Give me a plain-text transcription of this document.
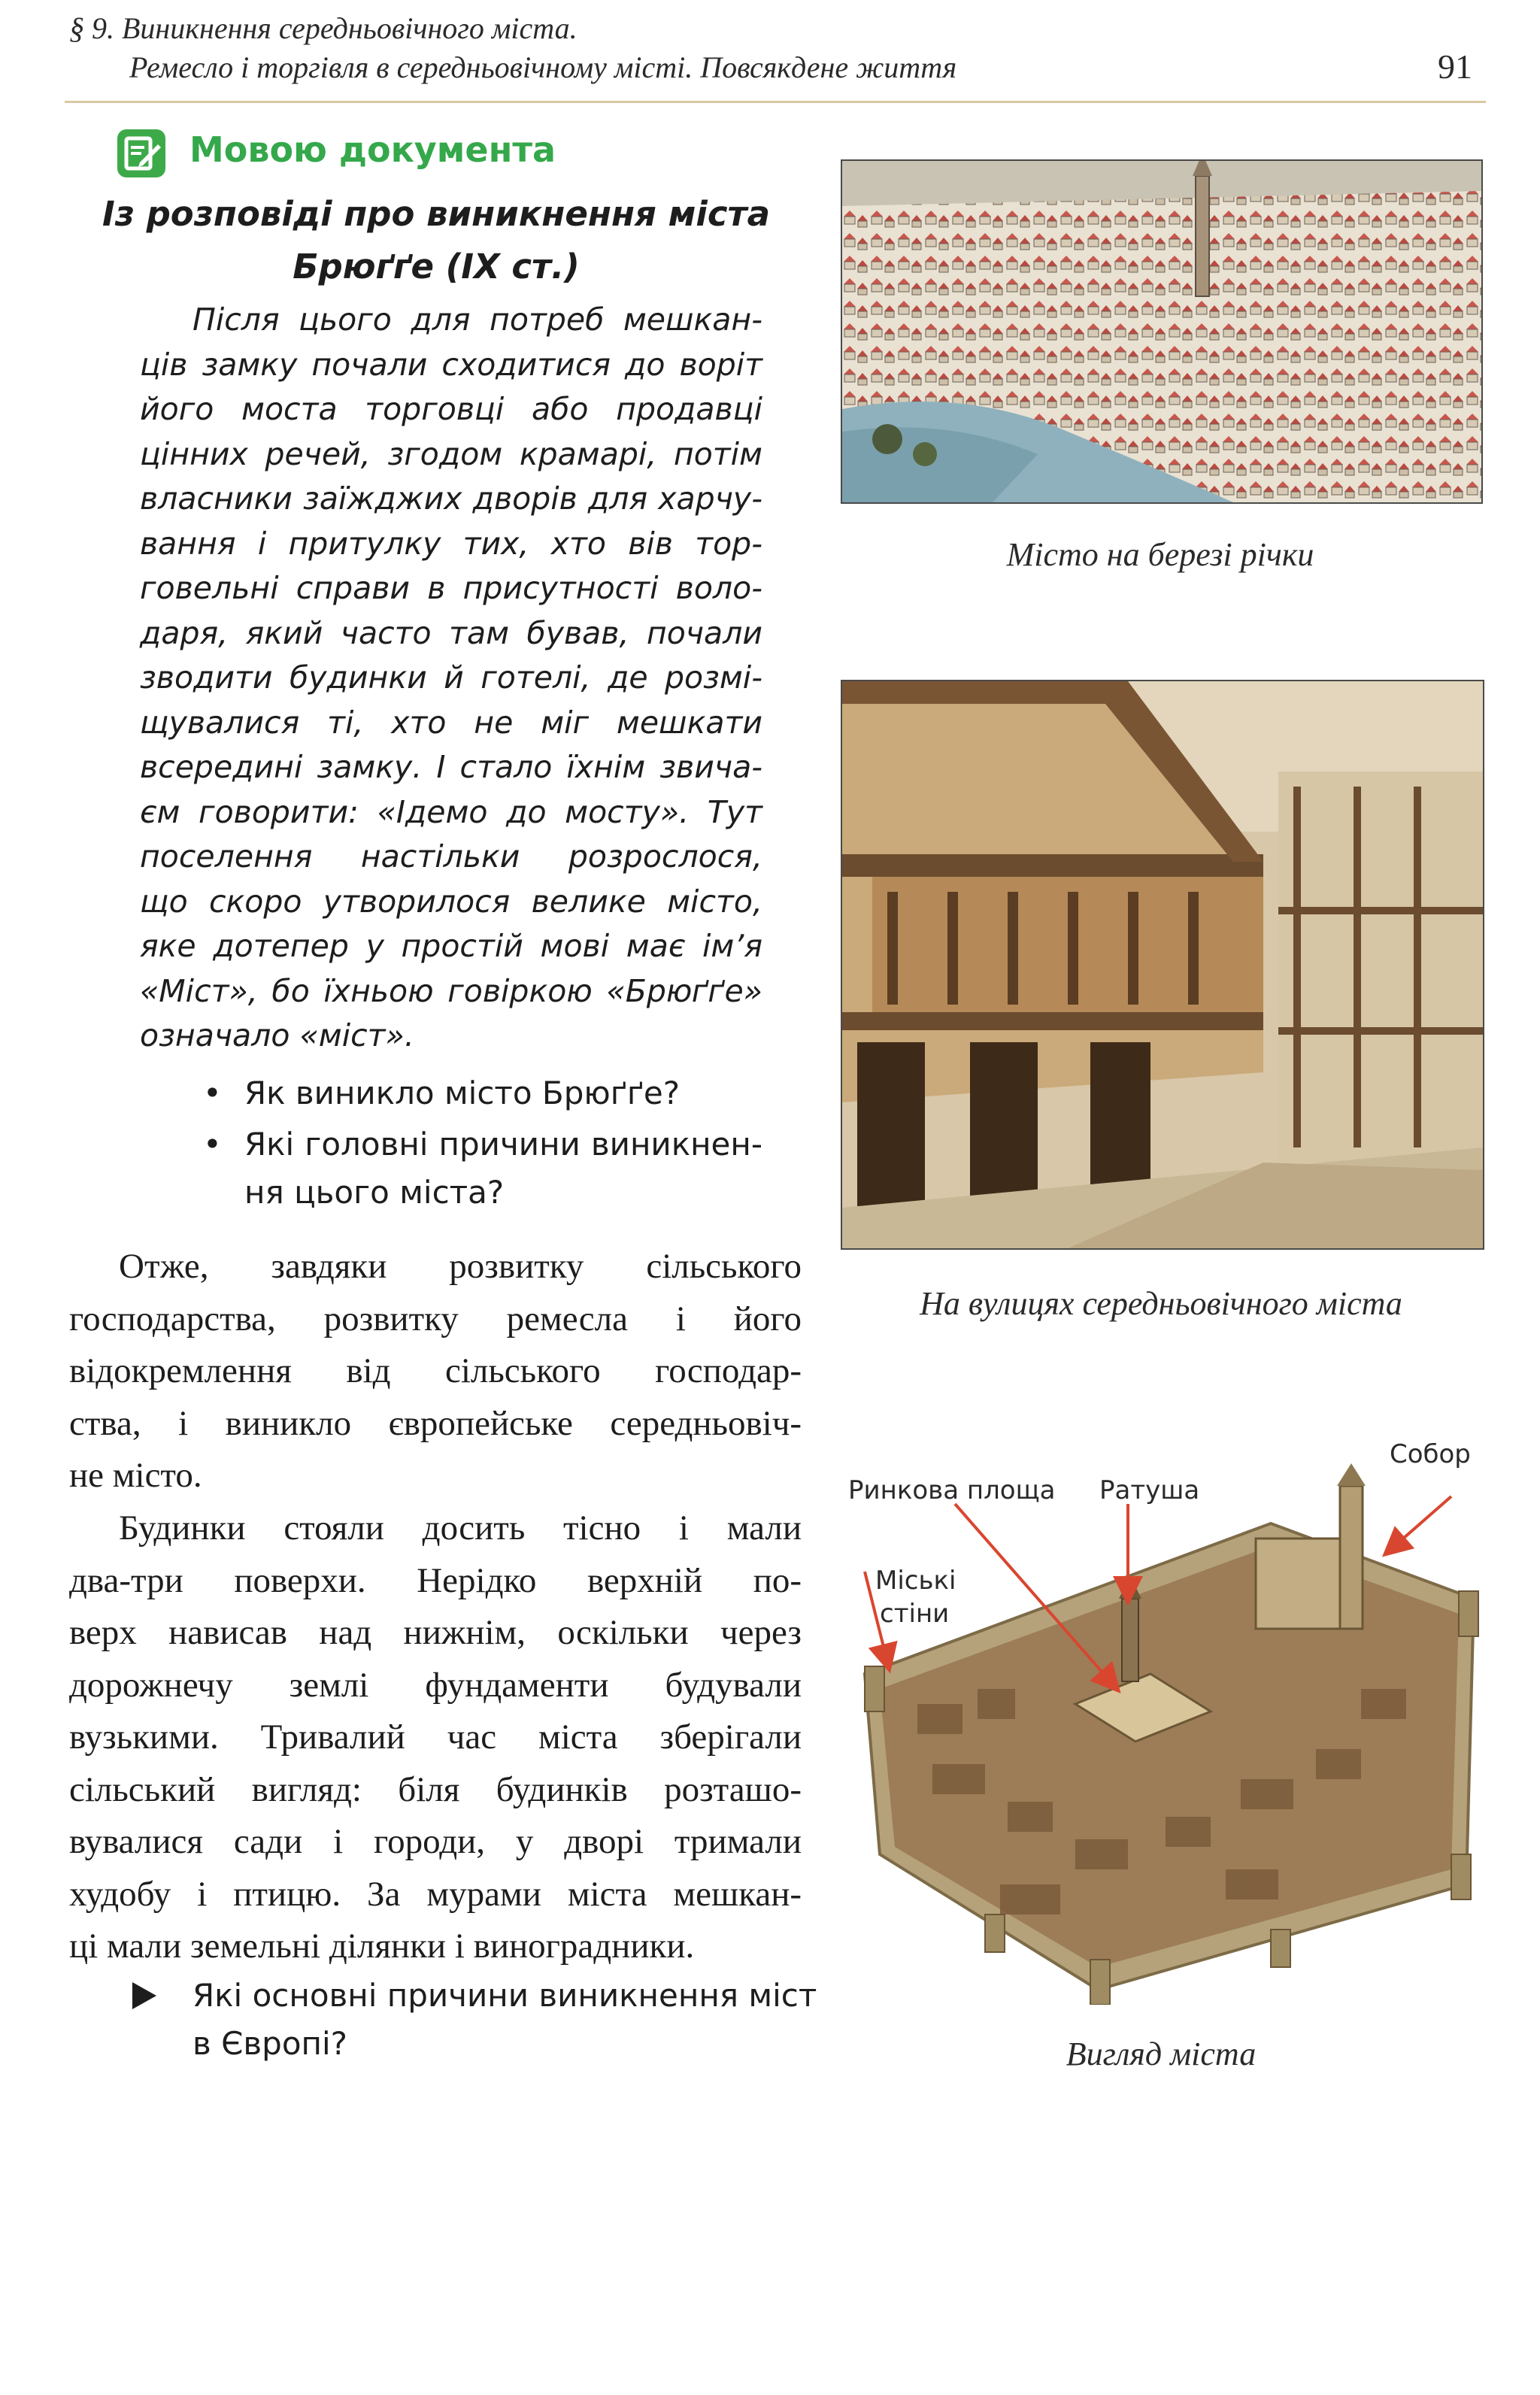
§ 9. Виникнення середньовічного міста.
Ремесло і торгівля в середньовічному місті. Повсякдене життя	91
Мовою документа
Із розповіді про виникнення міста
Брюґґе (IX ст.)
Після цього для потреб мешкан-
ців замку почали сходитися до воріт
його моста торговці або продавці
цінних речей, згодом крамарі, потім
власники заїжджих дворів для харчу-
вання і притулку тих, хто вів тор-
говельні справи в присутності воло-
даря, який часто там бував, почали
зводити будинки й готелі, де розмі-
щувалися ті, хто не міг мешкати
всередині замку. І стало їхнім звича-
єм говорити: «Ідемо до мосту». Тут
поселення настільки розрослося,
що скоро утворилося велике місто,
яке дотепер у простій мові має ім’я
«Міст», бо їхньою говіркою «Брюґґе»
означало «міст».
• Як виникло місто Брюґґе?
• Які головні причини виникнен-
ня цього міста?
Отже, завдяки розвитку сільського
господарства, розвитку ремесла і його
відокремлення від сільського господар-
ства, і виникло європейське середньовіч-
не місто.
Будинки стояли досить тісно і мали
два-три поверхи. Нерідко верхній по-
верх нависав над нижнім, оскільки через
дорожнечу землі фундаменти будували
вузькими. Тривалий час міста зберігали
сільський вигляд: біля будинків розташо-
вувалися сади і городи, у дворі тримали
худобу і птицю. За мурами міста мешкан-
ці мали земельні ділянки і виноградники.
Які основні причини виникнення міст
в Європі?
Місто на березі річки
На вулицях середньовічного міста
Собор
Ринкова площа Ратуша
Міські
стіни
Вигляд міста
